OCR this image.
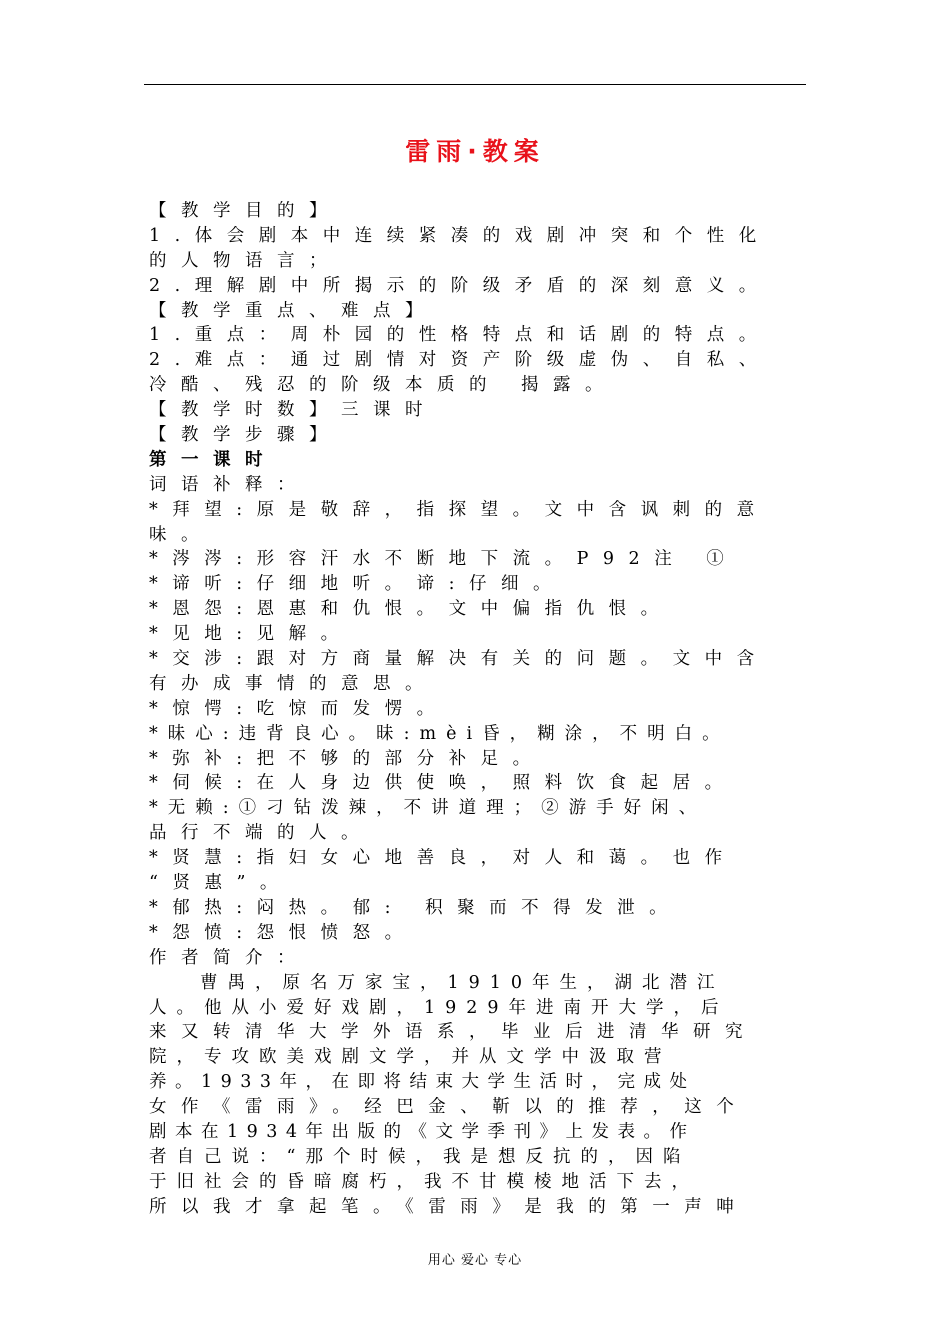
雷雨·教案
【教学目的】
1.体会剧本中连续紧凑的戏剧冲突和个性化
的人物语言；
2.理解剧中所揭示的阶级矛盾的深刻意义。
【教学重点、难点】
1.重点：周朴园的性格特点和话剧的特点。
2.难点：通过剧情对资产阶级虚伪、自私、
冷酷、残忍的阶级本质的 揭露。
【教学时数】三课时
【教学步骤】
第一课时
词语补释：
*拜望:原是敬辞，指探望。文中含讽刺的意
味。
*涔涔:形容汗水不断地下流。P92注 ①
*谛听:仔细地听。谛:仔细。
*恩怨:恩惠和仇恨。文中偏指仇恨。
*见地:见解。
*交涉:跟对方商量解决有关的问题。文中含
有办成事情的意思。
*惊愕:吃惊而发愣。
*昧心:违背良心。昧:mèi昏，糊涂，不明白。
*弥补:把不够的部分补足。
*伺候:在人身边供使唤，照料饮食起居。
*无赖:①刁钻泼辣，不讲道理；②游手好闲、
品行不端的人。
*贤慧:指妇女心地善良，对人和蔼。也作
“贤惠”。
*郁热:闷热。郁: 积聚而不得发泄。
*怨愤:怨恨愤怒。
作者简介：
曹禺，原名万家宝，1910年生，湖北潜江
人。他从小爱好戏剧，1929年进南开大学，后
来又转清华大学外语系，毕业后进清华研究
院，专攻欧美戏剧文学，并从文学中汲取营
养。1933年，在即将结束大学生活时，完成处
女作《雷雨》。经巴金、靳以的推荐，这个
剧本在1934年出版的《文学季刊》上发表。作
者自己说：“那个时候，我是想反抗的，因陷
于旧社会的昏暗腐朽，我不甘模棱地活下去，
所以我才拿起笔。《雷雨》是我的第一声呻
用心 爱心 专心
